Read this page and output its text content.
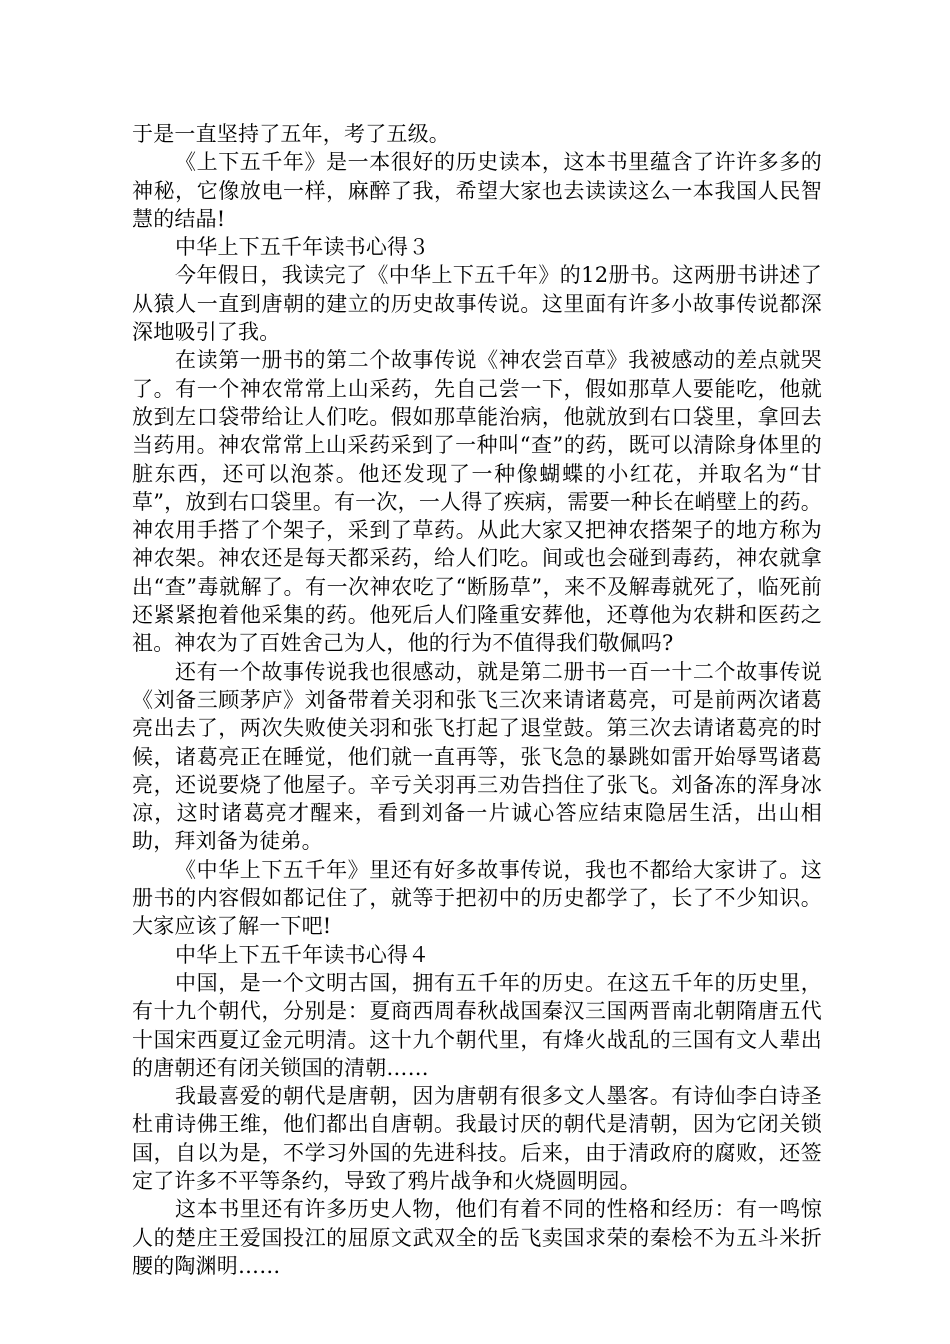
于是一直坚持了五年，考了五级。

《上下五千年》是一本很好的历史读本，这本书里蕴含了许许多多的神秘，它像放电一样，麻醉了我，希望大家也去读读这么一本我国人民智慧的结晶!

中华上下五千年读书心得３

今年假日，我读完了《中华上下五千年》的12册书。这两册书讲述了从猿人一直到唐朝的建立的历史故事传说。这里面有许多小故事传说都深深地吸引了我。

在读第一册书的第二个故事传说《神农尝百草》我被感动的差点就哭了。有一个神农常常上山采药，先自己尝一下，假如那草人要能吃，他就放到左口袋带给让人们吃。假如那草能治病，他就放到右口袋里，拿回去当药用。神农常常上山采药采到了一种叫“查”的药，既可以清除身体里的脏东西，还可以泡茶。他还发现了一种像蝴蝶的小红花，并取名为“甘草”，放到右口袋里。有一次，一人得了疾病，需要一种长在峭壁上的药。神农用手搭了个架子，采到了草药。从此大家又把神农搭架子的地方称为神农架。神农还是每天都采药，给人们吃。间或也会碰到毒药，神农就拿出“查”毒就解了。有一次神农吃了“断肠草”，来不及解毒就死了，临死前还紧紧抱着他采集的药。他死后人们隆重安葬他，还尊他为农耕和医药之祖。神农为了百姓舍己为人，他的行为不值得我们敬佩吗?

还有一个故事传说我也很感动，就是第二册书一百一十二个故事传说《刘备三顾茅庐》刘备带着关羽和张飞三次来请诸葛亮，可是前两次诸葛亮出去了，两次失败使关羽和张飞打起了退堂鼓。第三次去请诸葛亮的时候，诸葛亮正在睡觉，他们就一直再等，张飞急的暴跳如雷开始辱骂诸葛亮，还说要烧了他屋子。辛亏关羽再三劝告挡住了张飞。刘备冻的浑身冰凉，这时诸葛亮才醒来，看到刘备一片诚心答应结束隐居生活，出山相助，拜刘备为徒弟。

《中华上下五千年》里还有好多故事传说，我也不都给大家讲了。这册书的内容假如都记住了，就等于把初中的历史都学了，长了不少知识。大家应该了解一下吧!

中华上下五千年读书心得４

中国，是一个文明古国，拥有五千年的历史。在这五千年的历史里，有十九个朝代，分别是：夏商西周春秋战国秦汉三国两晋南北朝隋唐五代十国宋西夏辽金元明清。这十九个朝代里，有烽火战乱的三国有文人辈出的唐朝还有闭关锁国的清朝……

我最喜爱的朝代是唐朝，因为唐朝有很多文人墨客。有诗仙李白诗圣杜甫诗佛王维，他们都出自唐朝。我最讨厌的朝代是清朝，因为它闭关锁国，自以为是，不学习外国的先进科技。后来，由于清政府的腐败，还签定了许多不平等条约，导致了鸦片战争和火烧圆明园。

这本书里还有许多历史人物，他们有着不同的性格和经历：有一鸣惊人的楚庄王爱国投江的屈原文武双全的岳飞卖国求荣的秦桧不为五斗米折腰的陶渊明……
